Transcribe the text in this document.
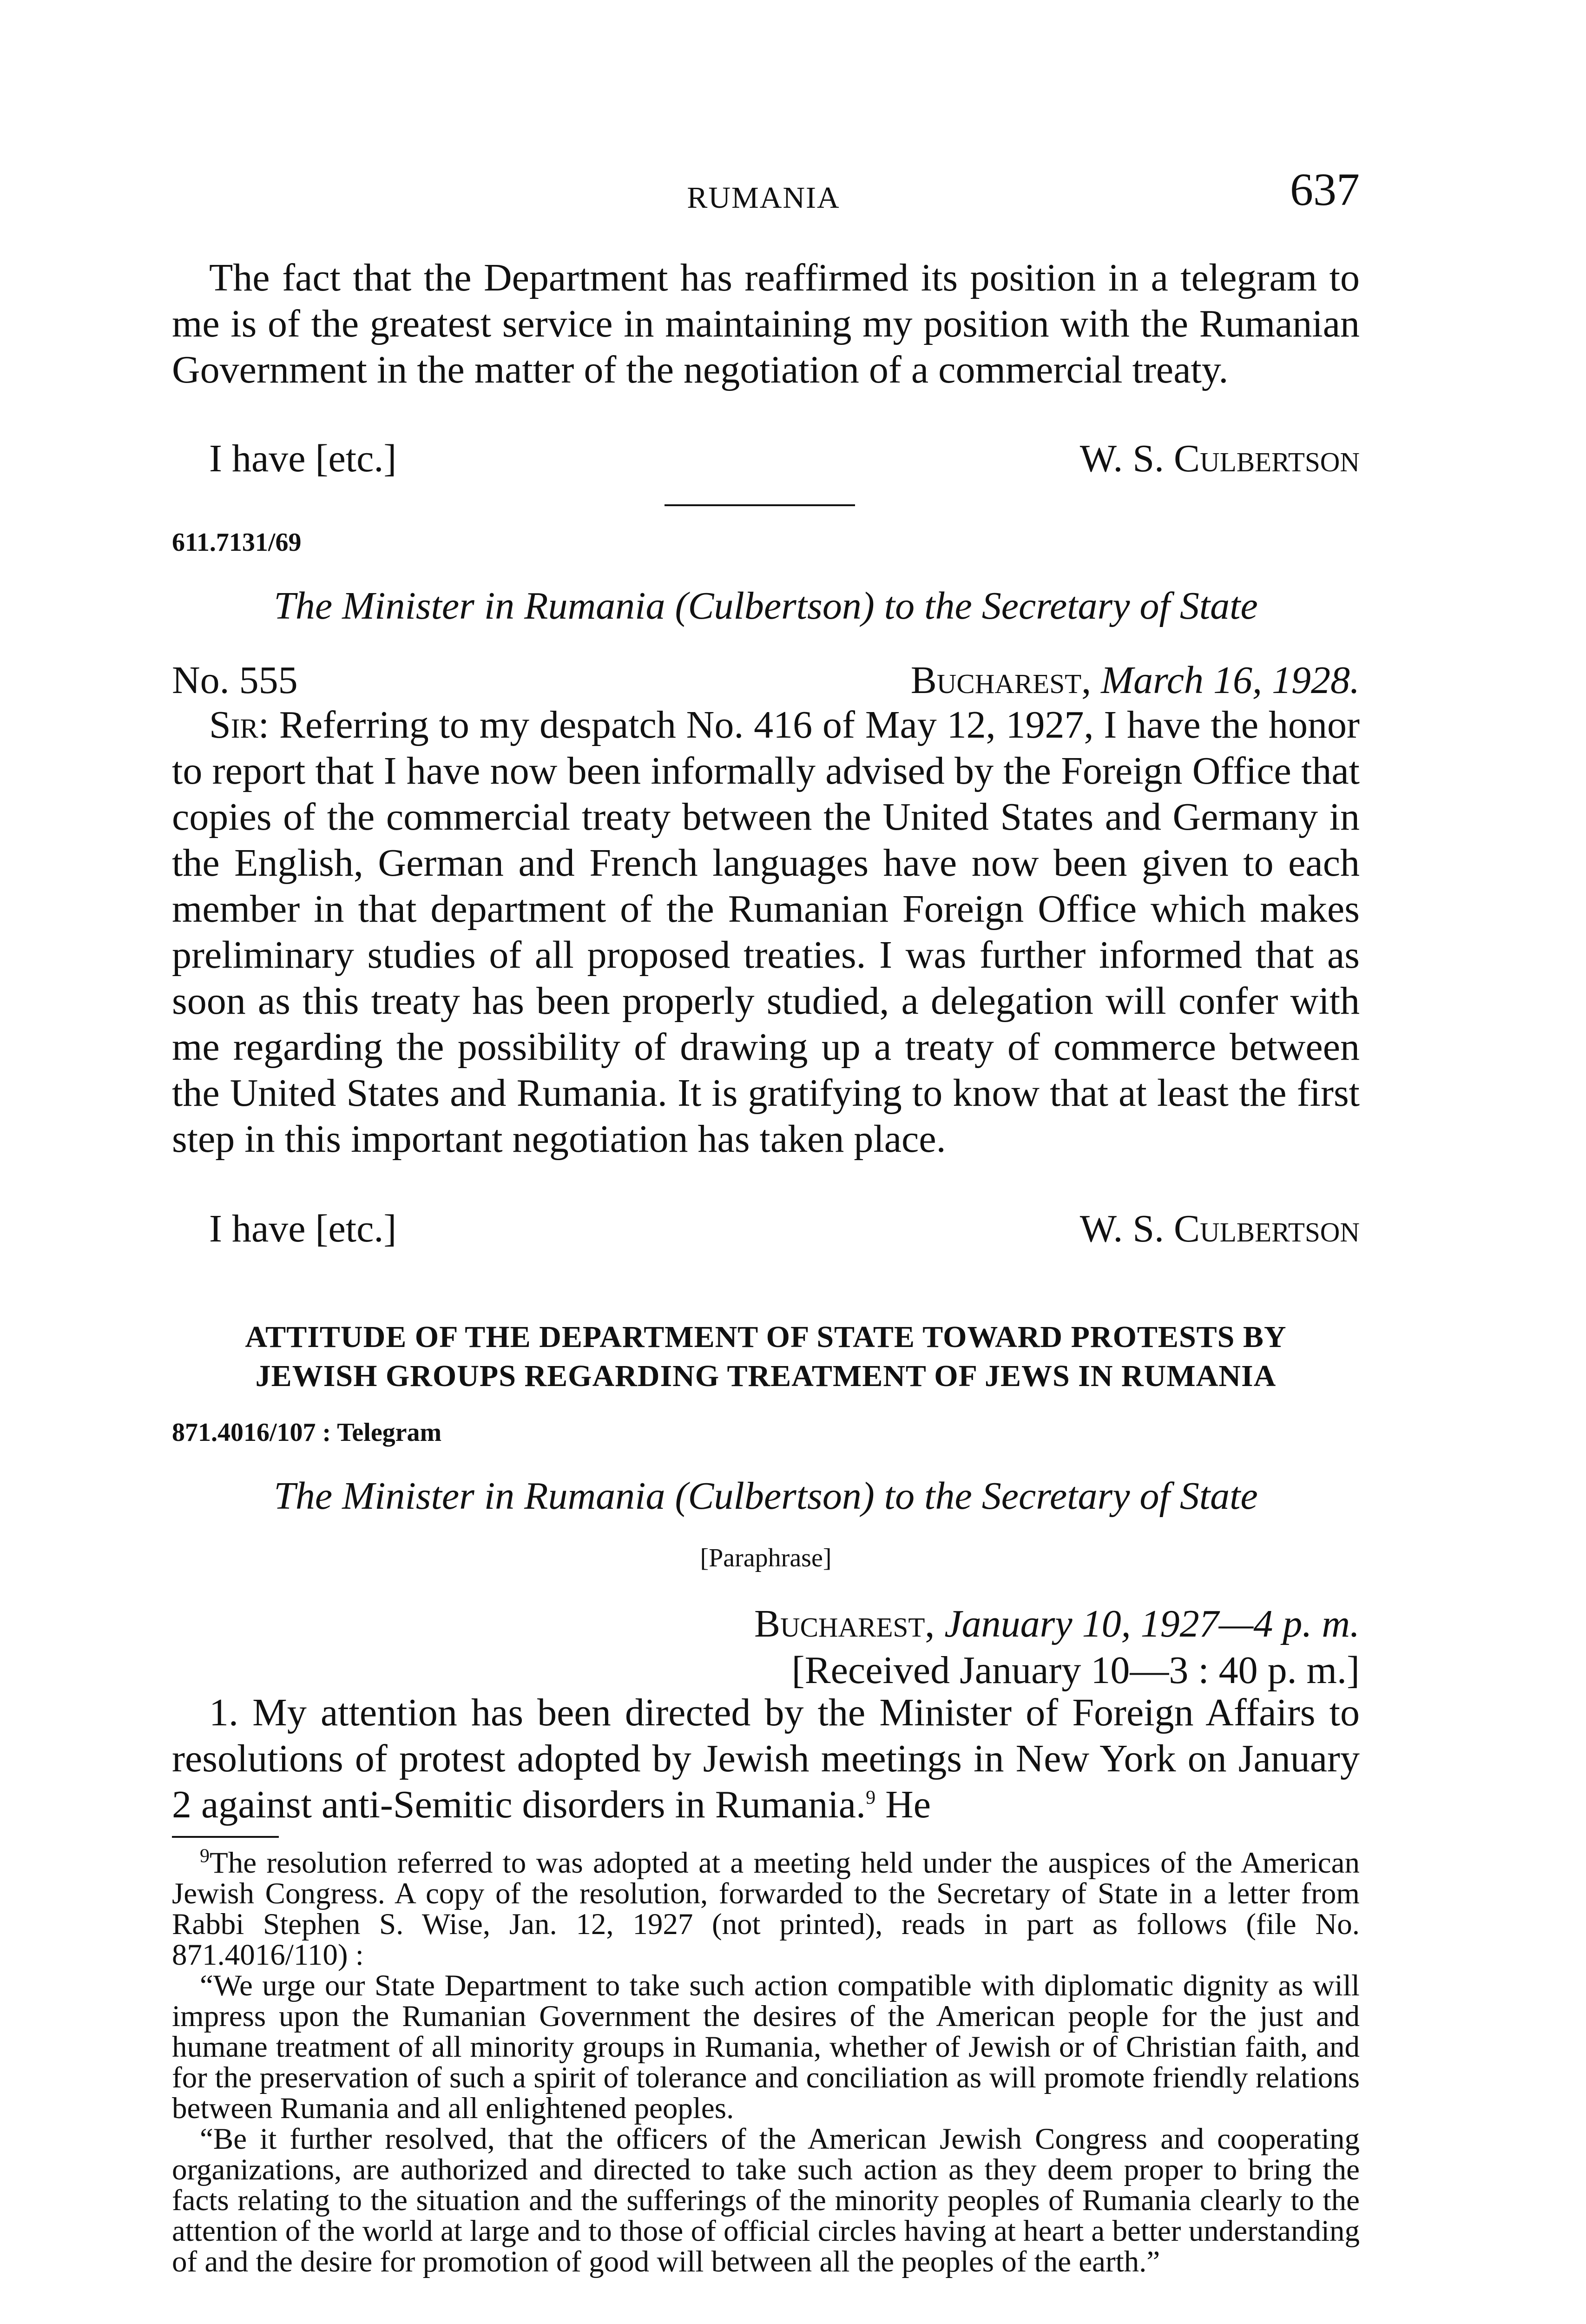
RUMANIA	637
The fact that the Department has reaffirmed its position in a telegram to me is of the greatest service in maintaining my position with the Rumanian Government in the matter of the negotiation of a commercial treaty.
I have [etc.]	W. S. Culbertson
611.7131/69
The Minister in Rumania (Culbertson) to the Secretary of State
No. 555	Bucharest, March 16, 1928.
Sir: Referring to my despatch No. 416 of May 12, 1927, I have the honor to report that I have now been informally advised by the Foreign Office that copies of the commercial treaty between the United States and Germany in the English, German and French languages have now been given to each member in that department of the Rumanian Foreign Office which makes preliminary studies of all proposed treaties. I was further informed that as soon as this treaty has been properly studied, a delegation will confer with me regarding the possibility of drawing up a treaty of commerce between the United States and Rumania. It is gratifying to know that at least the first step in this important negotiation has taken place.
I have [etc.]	W. S. Culbertson
ATTITUDE OF THE DEPARTMENT OF STATE TOWARD PROTESTS BY
JEWISH GROUPS REGARDING TREATMENT OF JEWS IN RUMANIA
871.4016/107 : Telegram
The Minister in Rumania (Culbertson) to the Secretary of State
[Paraphrase]
Bucharest, January 10, 1927—4 p. m.
[Received January 10—3 : 40 p. m.]
1. My attention has been directed by the Minister of Foreign Affairs to resolutions of protest adopted by Jewish meetings in New York on January 2 against anti-Semitic disorders in Rumania.$^9$ He

$^9$The resolution referred to was adopted at a meeting held under the auspices of the American Jewish Congress. A copy of the resolution, forwarded to the Secretary of State in a letter from Rabbi Stephen S. Wise, Jan. 12, 1927 (not printed), reads in part as follows (file No. 871.4016/110) :

“We urge our State Department to take such action compatible with diplomatic dignity as will impress upon the Rumanian Government the desires of the American people for the just and humane treatment of all minority groups in Rumania, whether of Jewish or of Christian faith, and for the preservation of such a spirit of tolerance and conciliation as will promote friendly relations between Rumania and all enlightened peoples.

“Be it further resolved, that the officers of the American Jewish Congress and cooperating organizations, are authorized and directed to take such action as they deem proper to bring the facts relating to the situation and the sufferings of the minority peoples of Rumania clearly to the attention of the world at large and to those of official circles having at heart a better understanding of and the desire for promotion of good will between all the peoples of the earth.”
